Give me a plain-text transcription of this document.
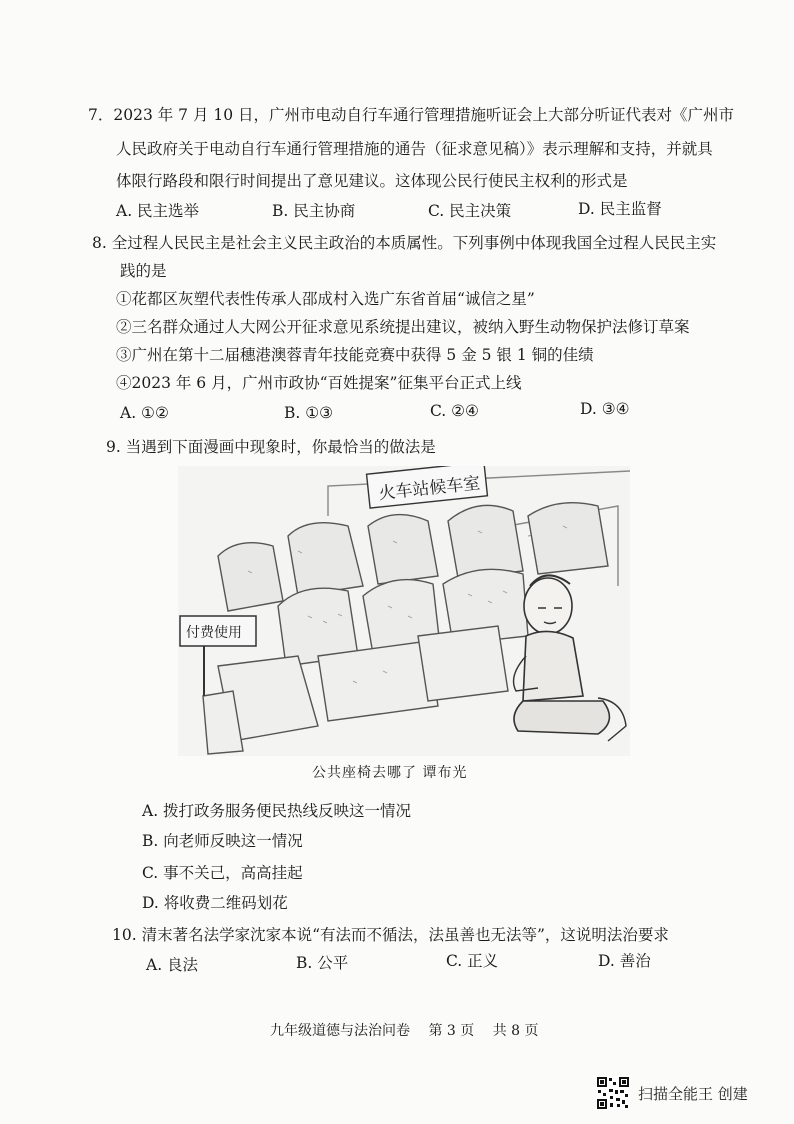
7．2023 年 7 月 10 日，广州市电动自行车通行管理措施听证会上大部分听证代表对《广州市
人民政府关于电动自行车通行管理措施的通告（征求意见稿）》表示理解和支持，并就具
体限行路段和限行时间提出了意见建议。这体现公民行使民主权利的形式是
A. 民主选举	B. 民主协商	C. 民主决策	D. 民主监督
8. 全过程人民民主是社会主义民主政治的本质属性。下列事例中体现我国全过程人民民主实
践的是
①花都区灰塑代表性传承人邵成村入选广东省首届“诚信之星”
②三名群众通过人大网公开征求意见系统提出建议，被纳入野生动物保护法修订草案
③广州在第十二届穗港澳蓉青年技能竞赛中获得 5 金 5 银 1 铜的佳绩
④2023 年 6 月，广州市政协“百姓提案”征集平台正式上线
A. ①②	B. ①③	C. ②④	D. ③④
9. 当遇到下面漫画中现象时，你最恰当的做法是
火车站候车室
付费使用
公共座椅去哪了 谭布光
A. 拨打政务服务便民热线反映这一情况
B. 向老师反映这一情况
C. 事不关己，高高挂起
D. 将收费二维码划花
10. 清末著名法学家沈家本说“有法而不循法，法虽善也无法等”，这说明法治要求
A. 良法	B. 公平	C. 正义	D. 善治
九年级道德与法治问卷 第 3 页 共 8 页
扫描全能王 创建
